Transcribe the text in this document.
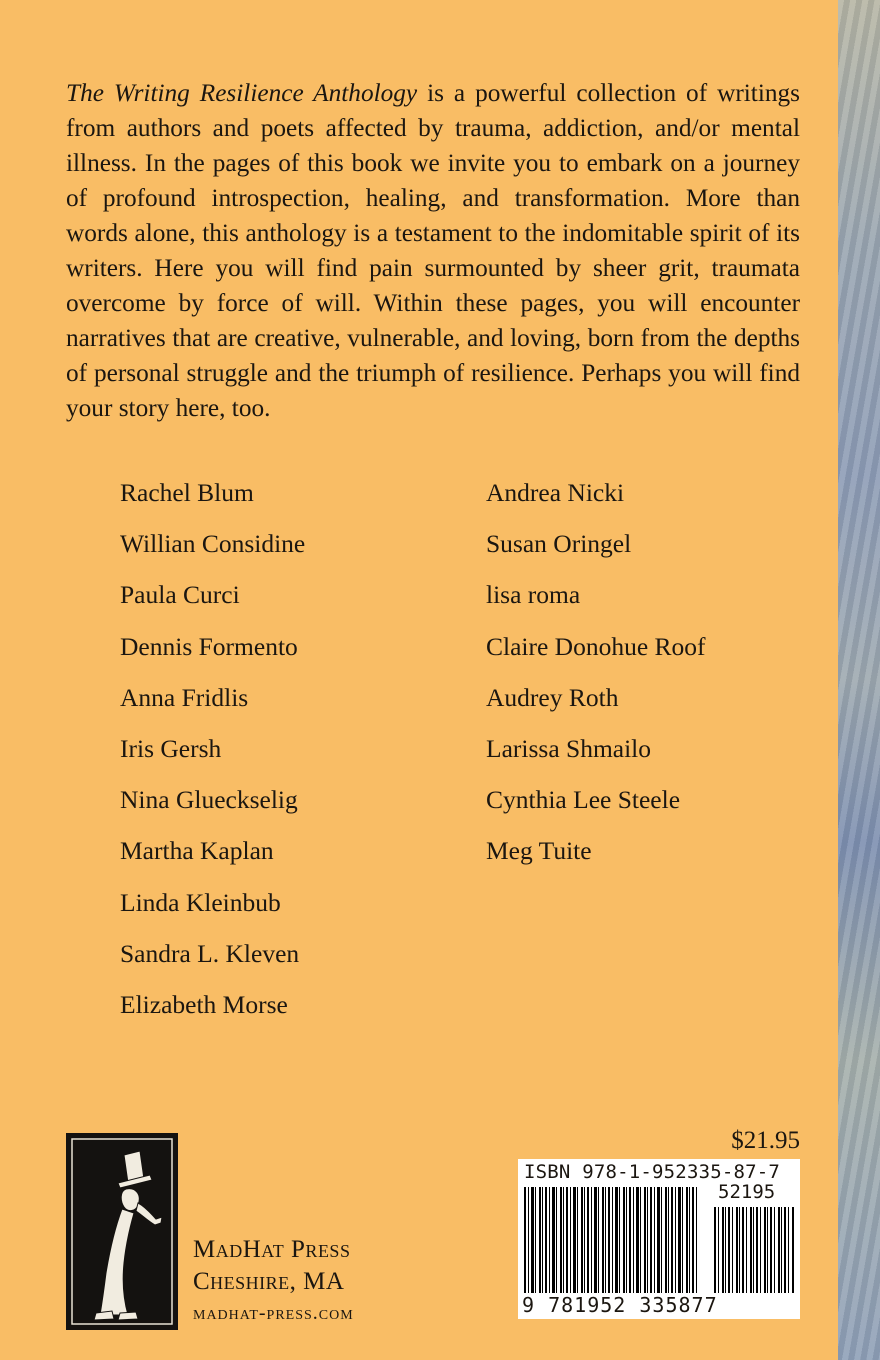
The Writing Resilience Anthology is a powerful collection of writings from authors and poets affected by trauma, addiction, and/or mental illness. In the pages of this book we invite you to embark on a journey of profound introspection, healing, and transformation. More than words alone, this anthology is a testament to the indomitable spirit of its writers. Here you will find pain surmounted by sheer grit, traumata overcome by force of will. Within these pages, you will encounter narratives that are creative, vulnerable, and loving, born from the depths of personal struggle and the triumph of resilience. Perhaps you will find your story here, too.

Rachel Blum
Willian Considine
Paula Curci
Dennis Formento
Anna Fridlis
Iris Gersh
Nina Glueckselig
Martha Kaplan
Linda Kleinbub
Sandra L. Kleven
Elizabeth Morse
Andrea Nicki
Susan Oringel
lisa roma
Claire Donohue Roof
Audrey Roth
Larissa Shmailo
Cynthia Lee Steele
Meg Tuite
MadHat Press
Cheshire, MA
madhat-press.com
$21.95
ISBN 978-1-952335-87-7
52195
9 781952 335877
